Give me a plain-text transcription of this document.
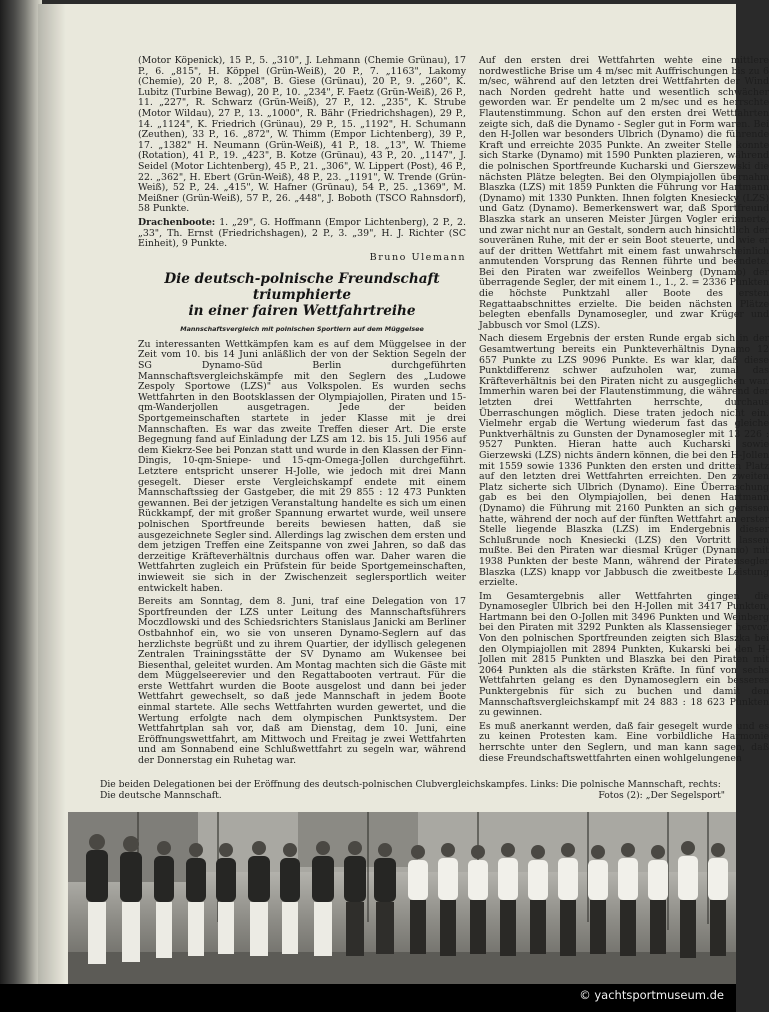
(Motor Köpenick), 15 P., 5. „310", J. Lehmann (Chemie Grünau), 17 P., 6. „815", H. Köppel (Grün-Weiß), 20 P., 7. „1163", Lakomy (Chemie), 20 P., 8. „208", B. Giese (Grünau), 20 P., 9. „260", K. Lubitz (Turbine Bewag), 20 P., 10. „234", F. Faetz (Grün-Weiß), 26 P., 11. „227", R. Schwarz (Grün-Weiß), 27 P., 12. „235", K. Strube (Motor Wildau), 27 P., 13. „1000", R. Bähr (Friedrichshagen), 29 P., 14. „1124", K. Friedrich (Grünau), 29 P., 15. „1192", H. Schumann (Zeuthen), 33 P., 16. „872", W. Thimm (Empor Lichtenberg), 39 P., 17. „1382" H. Neumann (Grün-Weiß), 41 P., 18. „13", W. Thieme (Rotation), 41 P., 19. „423", B. Kotze (Grünau), 43 P., 20. „1147", J. Seidel (Motor Lichtenberg), 45 P., 21. „306", W. Lippert (Post), 46 P., 22. „362", H. Ebert (Grün-Weiß), 48 P., 23. „1191", W. Trende (Grün-Weiß), 52 P., 24. „415", W. Hafner (Grünau), 54 P., 25. „1369", M. Meißner (Grün-Weiß), 57 P., 26. „448", J. Boboth (TSCO Rahnsdorf), 58 Punkte.

Drachenboote: 1. „29", G. Hoffmann (Empor Lichtenberg), 2 P., 2. „33", Th. Ernst (Friedrichshagen), 2 P., 3. „39", H. J. Richter (SC Einheit), 9 Punkte.

Bruno Ulemann
Die deutsch-polnische Freundschaft triumphierte
in einer fairen Wettfahrtreihe
Mannschaftsvergleich mit polnischen Sportlern auf dem Müggelsee

Zu interessanten Wettkämpfen kam es auf dem Müggelsee in der Zeit vom 10. bis 14 Juni anläßlich der von der Sektion Segeln der SG Dynamo-Süd Berlin durchgeführten Mannschaftsvergleichskämpfe mit den Seglern des „Ludowe Zespoly Sportowe (LZS)" aus Volkspolen. Es wurden sechs Wettfahrten in den Bootsklassen der Olympiajollen, Piraten und 15-qm-Wanderjollen ausgetragen. Jede der beiden Sportgemeinschaften startete in jeder Klasse mit je drei Mannschaften. Es war das zweite Treffen dieser Art. Die erste Begegnung fand auf Einladung der LZS am 12. bis 15. Juli 1956 auf dem Kiekrz-See bei Ponzan statt und wurde in den Klassen der Finn-Dingis, 10-qm-Sniepe- und 15-qm-Omega-Jollen durchgeführt. Letztere entspricht unserer H-Jolle, wie jedoch mit drei Mann gesegelt. Dieser erste Vergleichskampf endete mit einem Mannschaftssieg der Gastgeber, die mit 29 855 : 12 473 Punkten gewannen. Bei der jetzigen Veranstaltung handelte es sich um einen Rückkampf, der mit großer Spannung erwartet wurde, weil unsere polnischen Sportfreunde bereits bewiesen hatten, daß sie ausgezeichnete Segler sind. Allerdings lag zwischen dem ersten und dem jetzigen Treffen eine Zeitspanne von zwei Jahren, so daß das derzeitige Kräfteverhältnis durchaus offen war. Daher waren die Wettfahrten zugleich ein Prüfstein für beide Sportgemeinschaften, inwieweit sie sich in der Zwischenzeit seglersportlich weiter entwickelt haben.

Bereits am Sonntag, dem 8. Juni, traf eine Delegation von 17 Sportfreunden der LZS unter Leitung des Mannschaftsführers Moczdlowski und des Schiedsrichters Stanislaus Janicki am Berliner Ostbahnhof ein, wo sie von unseren Dynamo-Seglern auf das herzlichste begrüßt und zu ihrem Quartier, der idyllisch gelegenen Zentralen Trainingsstätte der SV Dynamo am Wukensee bei Biesenthal, geleitet wurden. Am Montag machten sich die Gäste mit dem Müggelseerevier und den Regattabooten vertraut. Für die erste Wettfahrt wurden die Boote ausgelost und dann bei jeder Wettfahrt gewechselt, so daß jede Mannschaft in jedem Boote einmal startete. Alle sechs Wettfahrten wurden gewertet, und die Wertung erfolgte nach dem olympischen Punktsystem. Der Wettfahrtplan sah vor, daß am Dienstag, dem 10. Juni, eine Eröffnungswettfahrt, am Mittwoch und Freitag je zwei Wettfahrten und am Sonnabend eine Schlußwettfahrt zu segeln war, während der Donnerstag ein Ruhetag war.

Auf den ersten drei Wettfahrten wehte eine mittlere nordwestliche Brise um 4 m/sec mit Auffrischungen bis zu 6 m/sec, während auf den letzten drei Wettfahrten der Wind nach Norden gedreht hatte und wesentlich schwächer geworden war. Er pendelte um 2 m/sec und es herrschte Flautenstimmung. Schon auf den ersten drei Wettfahrten zeigte sich, daß die Dynamo - Segler gut in Form waren. Bei den H-Jollen war besonders Ulbrich (Dynamo) die führende Kraft und erreichte 2035 Punkte. An zweiter Stelle konnte sich Starke (Dynamo) mit 1590 Punkten plazieren, während die polnischen Sportfreunde Kucharski und Gierszewski die nächsten Plätze belegten. Bei den Olympiajollen übernahm Blaszka (LZS) mit 1859 Punkten die Führung vor Hartmann (Dynamo) mit 1330 Punkten. Ihnen folgten Knesiecky (LZS) und Gatz (Dynamo). Bemerkenswert war, daß Sportfreund Blaszka stark an unseren Meister Jürgen Vogler erinnerte, und zwar nicht nur an Gestalt, sondern auch hinsichtlich der souveränen Ruhe, mit der er sein Boot steuerte, und wie er auf der dritten Wettfahrt mit einem fast unwahrscheinlich anmutenden Vorsprung das Rennen führte und beendete. Bei den Piraten war zweifellos Weinberg (Dynamo) der überragende Segler, der mit einem 1., 1., 2. = 2336 Punkten die höchste Punktzahl aller Boote des ersten Regattaabschnittes erzielte. Die beiden nächsten Plätze belegten ebenfalls Dynamosegler, und zwar Krüger und Jabbusch vor Smol (LZS).

Nach diesem Ergebnis der ersten Runde ergab sich in der Gesamtwertung bereits ein Punkteverhältnis Dynamo 12 657 Punkte zu LZS 9096 Punkte. Es war klar, daß diese Punktdifferenz schwer aufzuholen war, zumal das Kräfteverhältnis bei den Piraten nicht zu ausgeglichen war. Immerhin waren bei der Flautenstimmung, die während der letzten drei Wettfahrten herrschte, durchaus Überraschungen möglich. Diese traten jedoch nicht ein. Vielmehr ergab die Wertung wiederum fast das gleiche Punktverhältnis zu Gunsten der Dynamosegler mit 13 226 : 9527 Punkten. Hieran hatte auch Kucharski sowie Gierzewski (LZS) nichts ändern können, die bei den H-Jollen mit 1559 sowie 1336 Punkten den ersten und dritten Platz auf den letzten drei Wettfahrten erreichten. Den zweiten Platz sicherte sich Ulbrich (Dynamo). Eine Überraschung gab es bei den Olympiajollen, bei denen Hartmann (Dynamo) die Führung mit 2160 Punkten an sich gerissen hatte, während der noch auf der fünften Wettfahrt an erster Stelle liegende Blaszka (LZS) im Endergebnis dieser Schlußrunde noch Knesiecki (LZS) den Vortritt lassen mußte. Bei den Piraten war diesmal Krüger (Dynamo) mit 1938 Punkten der beste Mann, während der Piratensegler Blaszka (LZS) knapp vor Jabbusch die zweitbeste Leistung erzielte.

Im Gesamtergebnis aller Wettfahrten gingen die Dynamosegler Ulbrich bei den H-Jollen mit 3417 Punkten, Hartmann bei den O-Jollen mit 3496 Punkten und Weinberg bei den Piraten mit 3292 Punkten als Klassensieger hervor. Von den polnischen Sportfreunden zeigten sich Blaszka bei den Olympiajollen mit 2894 Punkten, Kukarski bei den H-Jollen mit 2815 Punkten und Blaszka bei den Piraten mit 2064 Punkten als die stärksten Kräfte. In fünf von sechs Wettfahrten gelang es den Dynamoseglern ein besseres Punktergebnis für sich zu buchen und damit den Mannschaftsvergleichskampf mit 24 883 : 18 623 Punkten zu gewinnen.

Es muß anerkannt werden, daß fair gesegelt wurde und es zu keinen Protesten kam. Eine vorbildliche Harmonie herrschte unter den Seglern, und man kann sagen, daß diese Freundschaftswettfahrten einen wohlgelungenen

Die beiden Delegationen bei der Eröffnung des deutsch-polnischen Clubvergleichskampfes. Links: Die polnische Mannschaft, rechts: Die deutsche Mannschaft.	Fotos (2): „Der Segelsport"
© yachtsportmuseum.de
